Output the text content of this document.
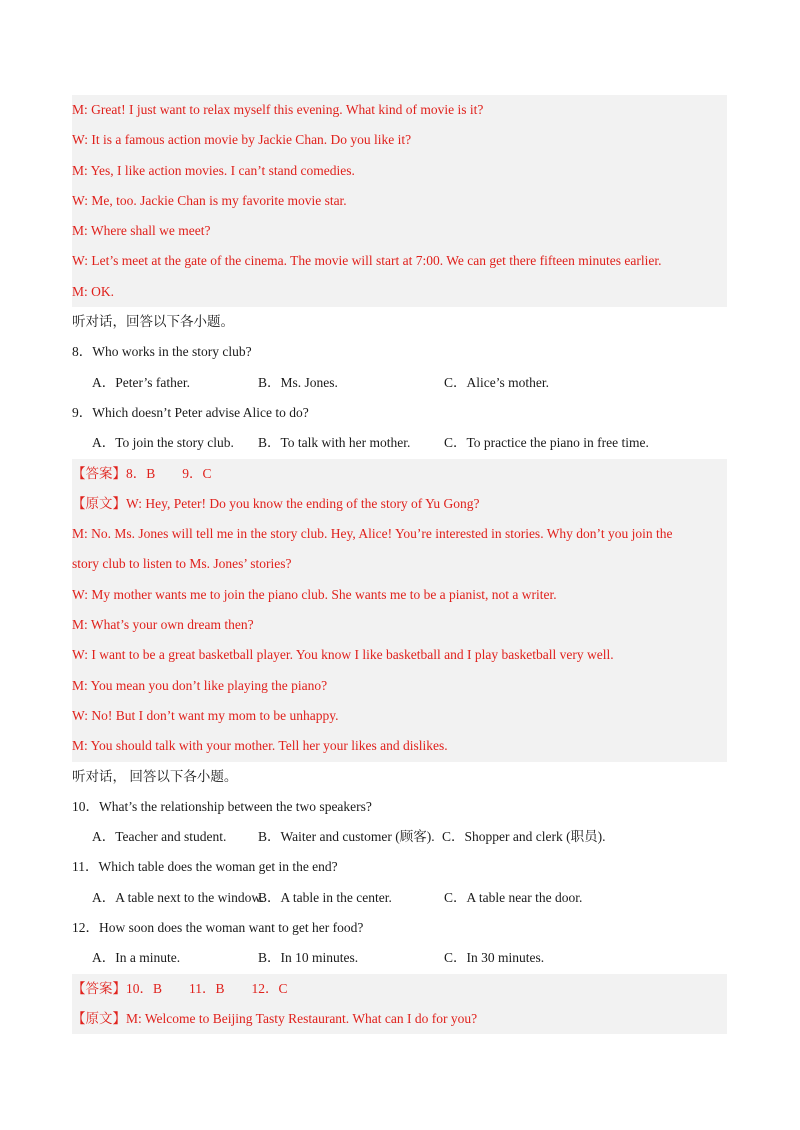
M: Great! I just want to relax myself this evening. What kind of movie is it?
W: It is a famous action movie by Jackie Chan. Do you like it?
M: Yes, I like action movies. I can’t stand comedies.
W: Me, too. Jackie Chan is my favorite movie star.
M: Where shall we meet?
W: Let’s meet at the gate of the cinema. The movie will start at 7:00. We can get there fifteen minutes earlier.
M: OK.
听对话，回答以下各小题。
8．Who works in the story club?
A．Peter’s father.	B．Ms. Jones.	C．Alice’s mother.
9．Which doesn’t Peter advise Alice to do?
A．To join the story club. B．To talk with her mother. C．To practice the piano in free time.
【答案】8．B　　9．C
【原文】W: Hey, Peter! Do you know the ending of the story of Yu Gong?
M: No. Ms. Jones will tell me in the story club. Hey, Alice! You’re interested in stories. Why don’t you join the
story club to listen to Ms. Jones’ stories?
W: My mother wants me to join the piano club. She wants me to be a pianist, not a writer.
M: What’s your own dream then?
W: I want to be a great basketball player. You know I like basketball and I play basketball very well.
M: You mean you don’t like playing the piano?
W: No! But I don’t want my mom to be unhappy.
M: You should talk with your mother. Tell her your likes and dislikes.
听对话， 回答以下各小题。
10．What’s the relationship between the two speakers?
A．Teacher and student. B．Waiter and customer (顾客). C．Shopper and clerk (职员).
11．Which table does the woman get in the end?
A．A table next to the window.
B．A table in the center.	C．A table near the door.
12．How soon does the woman want to get her food?
A．In a minute.	B．In 10 minutes.	C．In 30 minutes.
【答案】10．B　　11．B　　12．C
【原文】M: Welcome to Beijing Tasty Restaurant. What can I do for you?
